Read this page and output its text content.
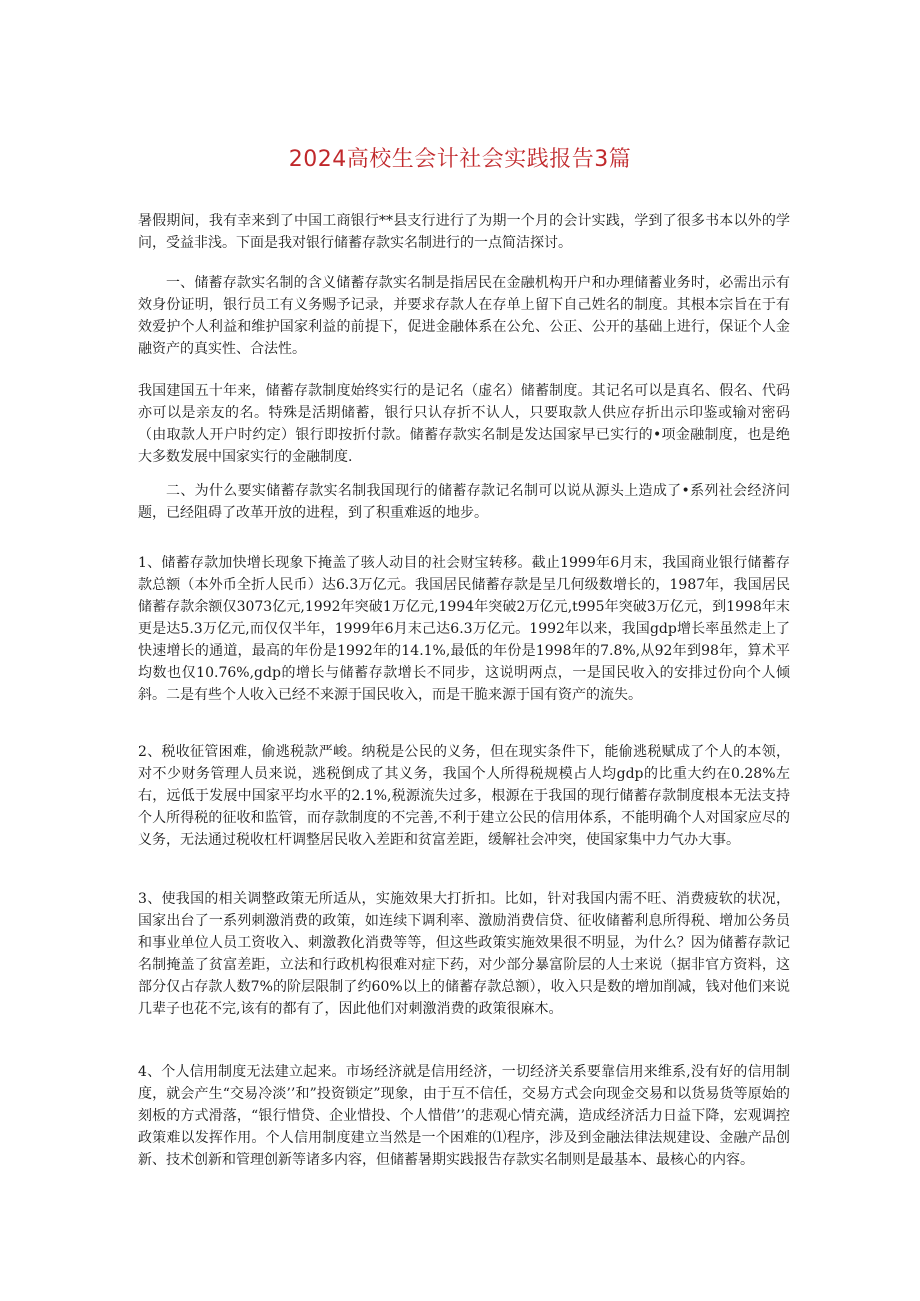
2024高校生会计社会实践报告3篇

暑假期间，我有幸来到了中国工商银行**县支行进行了为期一个月的会计实践，学到了很多书本以外的学问，受益非浅。下面是我对银行储蓄存款实名制进行的一点简洁探讨。

一、储蓄存款实名制的含义储蓄存款实名制是指居民在金融机构开户和办理储蓄业务时，必需出示有效身份证明，银行员工有义务赐予记录，并要求存款人在存单上留下自己姓名的制度。其根本宗旨在于有效爱护个人利益和维护国家利益的前提下，促进金融体系在公允、公正、公开的基础上进行，保证个人金融资产的真实性、合法性。

我国建国五十年来，储蓄存款制度始终实行的是记名（虚名）储蓄制度。其记名可以是真名、假名、代码亦可以是亲友的名。特殊是活期储蓄，银行只认存折不认人，只要取款人供应存折出示印鉴或输对密码（由取款人开户时约定）银行即按折付款。储蓄存款实名制是发达国家早已实行的•项金融制度，也是绝大多数发展中国家实行的金融制度.

二、为什么要实储蓄存款实名制我国现行的储蓄存款记名制可以说从源头上造成了•系列社会经济问题，已经阻碍了改革开放的进程，到了积重难返的地步。

1、储蓄存款加快增长现象下掩盖了骇人动目的社会财宝转移。截止1999年6月末，我国商业银行储蓄存款总额（本外币全折人民币）达6.3万亿元。我国居民储蓄存款是呈几何级数增长的，1987年，我国居民储蓄存款余额仅3073亿元,1992年突破1万亿元,1994年突破2万亿元,t995年突破3万亿元，到1998年末更是达5.3万亿元,而仅仅半年，1999年6月末己达6.3万亿元。1992年以来，我国gdp增长率虽然走上了快速增长的通道，最高的年份是1992年的14.1%,最低的年份是1998年的7.8%,从92年到98年，算术平均数也仅10.76%,gdp的增长与储蓄存款增长不同步，这说明两点，一是国民收入的安排过份向个人倾斜。二是有些个人收入已经不来源于国民收入，而是干脆来源于国有资产的流失。

2、税收征管困难，偷逃税款严峻。纳税是公民的义务，但在现实条件下，能偷逃税赋成了个人的本领，对不少财务管理人员来说，逃税倒成了其义务，我国个人所得税规模占人均gdp的比重大约在0.28%左右，远低于发展中国家平均水平的2.1%,税源流失过多，根源在于我国的现行储蓄存款制度根本无法支持个人所得税的征收和监管，而存款制度的不完善,不利于建立公民的信用体系，不能明确个人对国家应尽的义务，无法通过税收杠杆调整居民收入差距和贫富差距，缓解社会冲突，使国家集中力气办大事。

3、使我国的相关调整政策无所适从，实施效果大打折扣。比如，针对我国内需不旺、消费疲软的状况，国家出台了一系列刺激消费的政策，如连续下调利率、激励消费信贷、征收储蓄利息所得税、增加公务员和事业单位人员工资收入、刺激教化消费等等，但这些政策实施效果很不明显，为什么？因为储蓄存款记名制掩盖了贫富差距，立法和行政机构很难对症下药，对少部分暴富阶层的人士来说（据非官方资料，这部分仅占存款人数7%的阶层限制了约60%以上的储蓄存款总额），收入只是数的增加削减，钱对他们来说几辈子也花不完,该有的都有了，因此他们对刺激消费的政策很麻木。

4、个人信用制度无法建立起来。市场经济就是信用经济，一切经济关系要靠信用来维系,没有好的信用制度，就会产生“交易冷淡’’和”投资锁定”现象，由于互不信任，交易方式会向现金交易和以货易货等原始的刻板的方式滑落，“银行惜贷、企业惜投、个人惜借’’的悲观心情充满，造成经济活力日益下降，宏观调控政策难以发挥作用。个人信用制度建立当然是一个困难的⑴程序，涉及到金融法律法规建设、金融产品创新、技术创新和管理创新等诸多内容，但储蓄暑期实践报告存款实名制则是最基本、最核心的内容。
